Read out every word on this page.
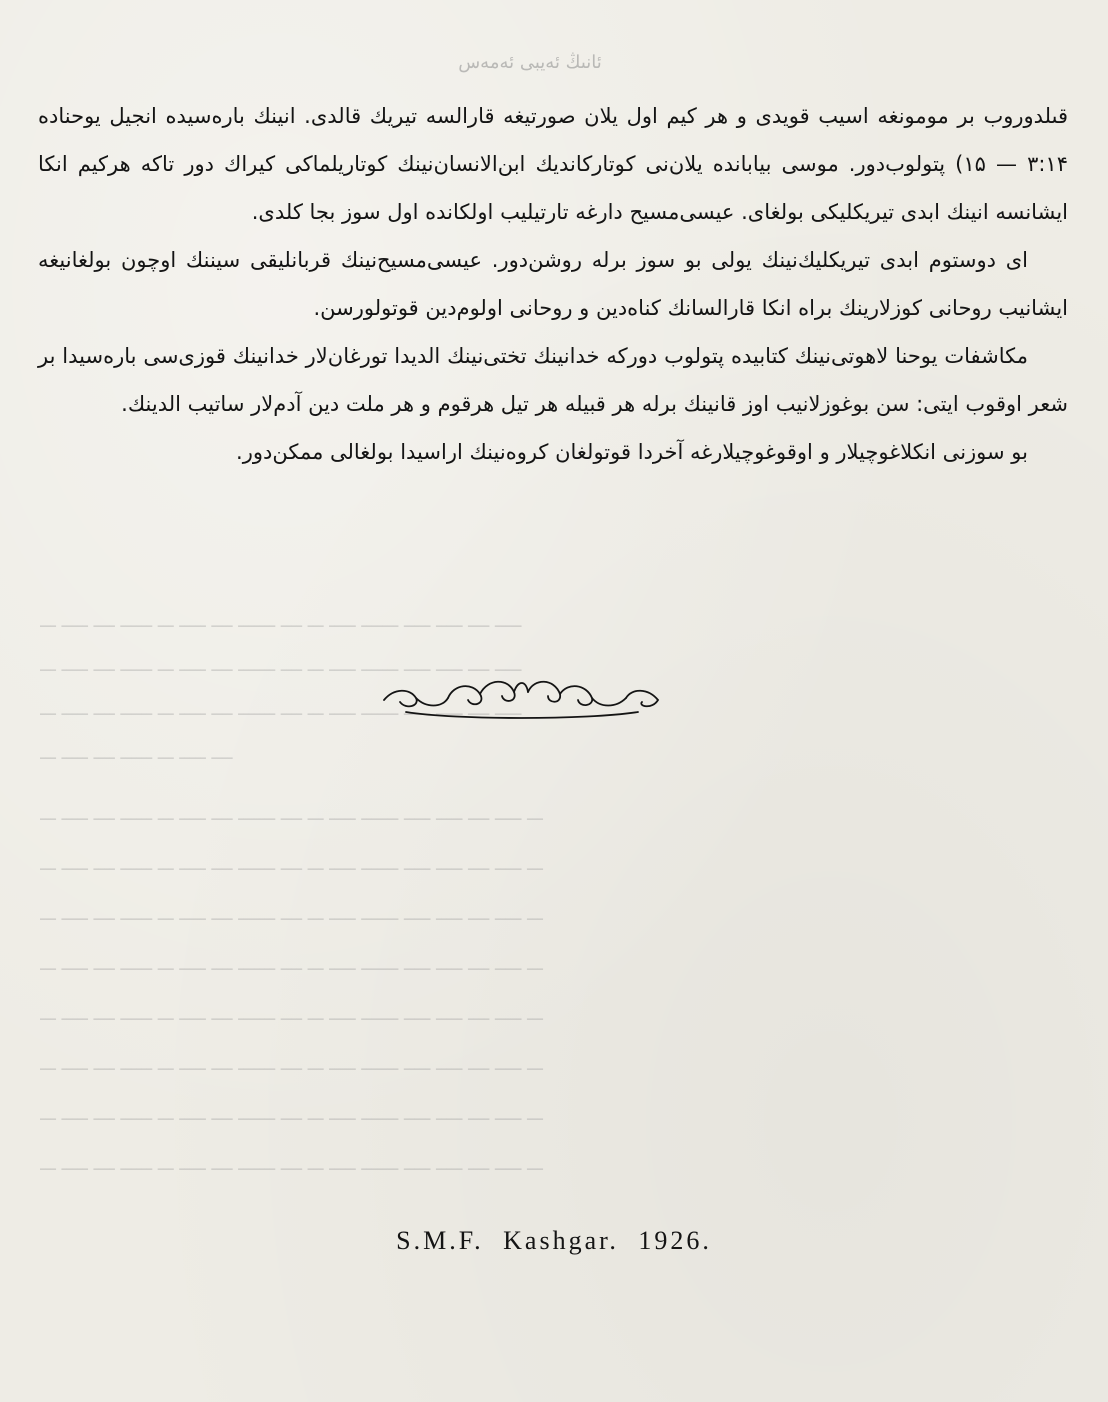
ـــ ـــــ ــــ ــــــ ـــ ـــــ ــــ ـــــــ ــــ ـــ ـــــ ـــــــ ـــــ ـــــ ــــ ـــــ
ـــ ـــــ ــــ ــــــ ـــ ـــــ ــــ ـــــــ ــــ ـــ ـــــ ـــــــ ـــــ ـــــ ــــ ـــــ
ـــ ـــــ ــــ ــــــ ـــ ـــــ ــــ ـــــــ ــــ ـــ ـــــ ـــــــ ـــــ ـــــ ــــ ـــــ
ـــ ـــــ ــــ ــــــ ـــ ـــــ ــــ
ـــ ـــــ ــــ ــــــ ـــ ـــــ ــــ ـــــــ ــــ ـــ ـــــ ـــــــ ـــــ ـــــ ــــ ـــــ ـــ
ـــ ـــــ ــــ ــــــ ـــ ـــــ ــــ ـــــــ ــــ ـــ ـــــ ـــــــ ـــــ ـــــ ــــ ـــــ ـــ
ـــ ـــــ ــــ ــــــ ـــ ـــــ ــــ ـــــــ ــــ ـــ ـــــ ـــــــ ـــــ ـــــ ــــ ـــــ ـــ
ـــ ـــــ ــــ ــــــ ـــ ـــــ ــــ ـــــــ ــــ ـــ ـــــ ـــــــ ـــــ ـــــ ــــ ـــــ ـــ
ـــ ـــــ ــــ ــــــ ـــ ـــــ ــــ ـــــــ ــــ ـــ ـــــ ـــــــ ـــــ ـــــ ــــ ـــــ ـــ
ـــ ـــــ ــــ ــــــ ـــ ـــــ ــــ ـــــــ ــــ ـــ ـــــ ـــــــ ـــــ ـــــ ــــ ـــــ ـــ
ـــ ـــــ ــــ ــــــ ـــ ـــــ ــــ ـــــــ ــــ ـــ ـــــ ـــــــ ـــــ ـــــ ــــ ـــــ ـــ
ـــ ـــــ ــــ ــــــ ـــ ـــــ ــــ ـــــــ ــــ ـــ ـــــ ـــــــ ـــــ ـــــ ــــ ـــــ ـــ
ئانىڭ ئەيبى ئەمەس

قىلدوروب بر مومونغه اسيب قويدى و هر كيم اول يلان صورتيغه قارالسه تيريك قالدى. انينك باره‌سيده انجيل يوحناده ۳:۱۴ — ۱۵) پتولوب‌دور. موسى بيابانده يلان‌نى كوتاركانديك ابن‌الانسان‌نينك كوتاريلماكى كيراك دور تاكه هركيم انكا ايشانسه انينك ابدى تيريكليكى بولغاى. عيسى‌مسيح دارغه تارتيليب اولكانده اول سوز بجا كلدى.

اى دوستوم ابدى تيريكليك‌نينك يولى بو سوز برله روشن‌دور. عيسى‌مسيح‌نينك قربانليقى سيننك اوچون بولغانيغه ايشانيب روحانى كوزلارينك براه انكا قارالسانك كناه‌دين و روحانى اولوم‌دين قوتولورسن.

مكاشفات يوحنا لاهوتى‌نينك كتابيده پتولوب دوركه خدانينك تختى‌نينك الديدا تورغان‌لار خدانينك قوزى‌سى باره‌سيدا بر شعر اوقوب ايتى: سن بوغوزلانيب اوز قانينك برله هر قبيله هر تيل هرقوم و هر ملت دين آدم‌لار ساتيب الدينك.

بو سوزنى انكلاغوچيلار و اوقوغوچيلارغه آخردا قوتولغان كروه‌نينك اراسيدا بولغالى ممكن‌دور.

S.M.F. Kashgar. 1926.
